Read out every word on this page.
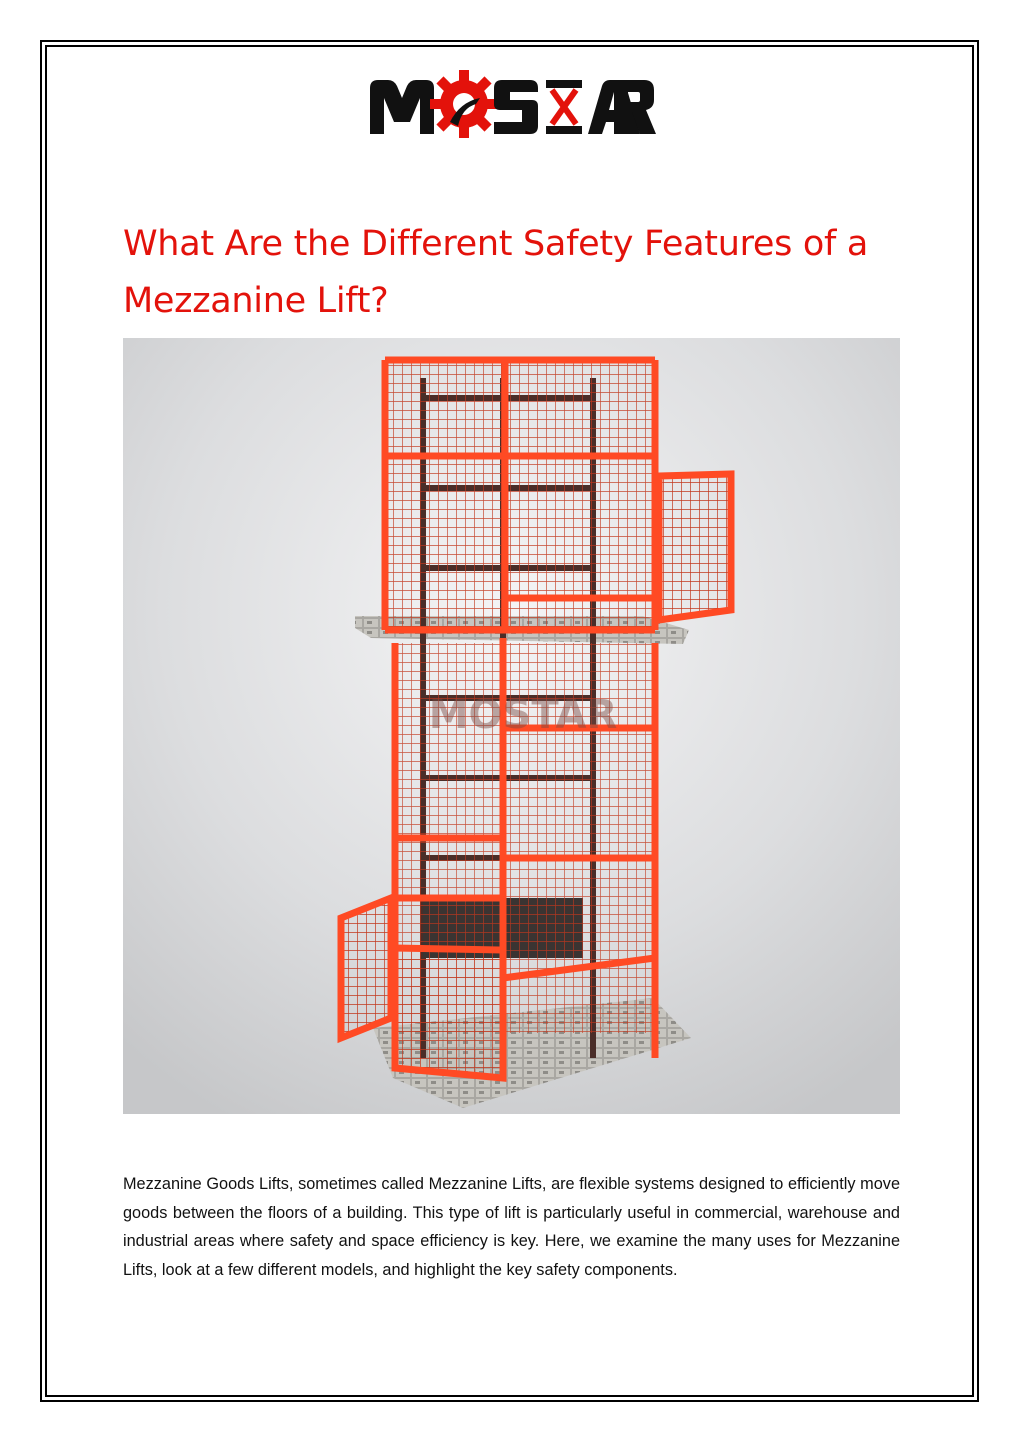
What Are the Different Safety Features of a Mezzanine Lift?
MOSTAR

Mezzanine Goods Lifts, sometimes called Mezzanine Lifts, are flexible systems designed to efficiently move goods between the floors of a building. This type of lift is particularly useful in commercial, warehouse and industrial areas where safety and space efficiency is key. Here, we examine the many uses for Mezzanine Lifts, look at a few different models, and highlight the key safety components.
